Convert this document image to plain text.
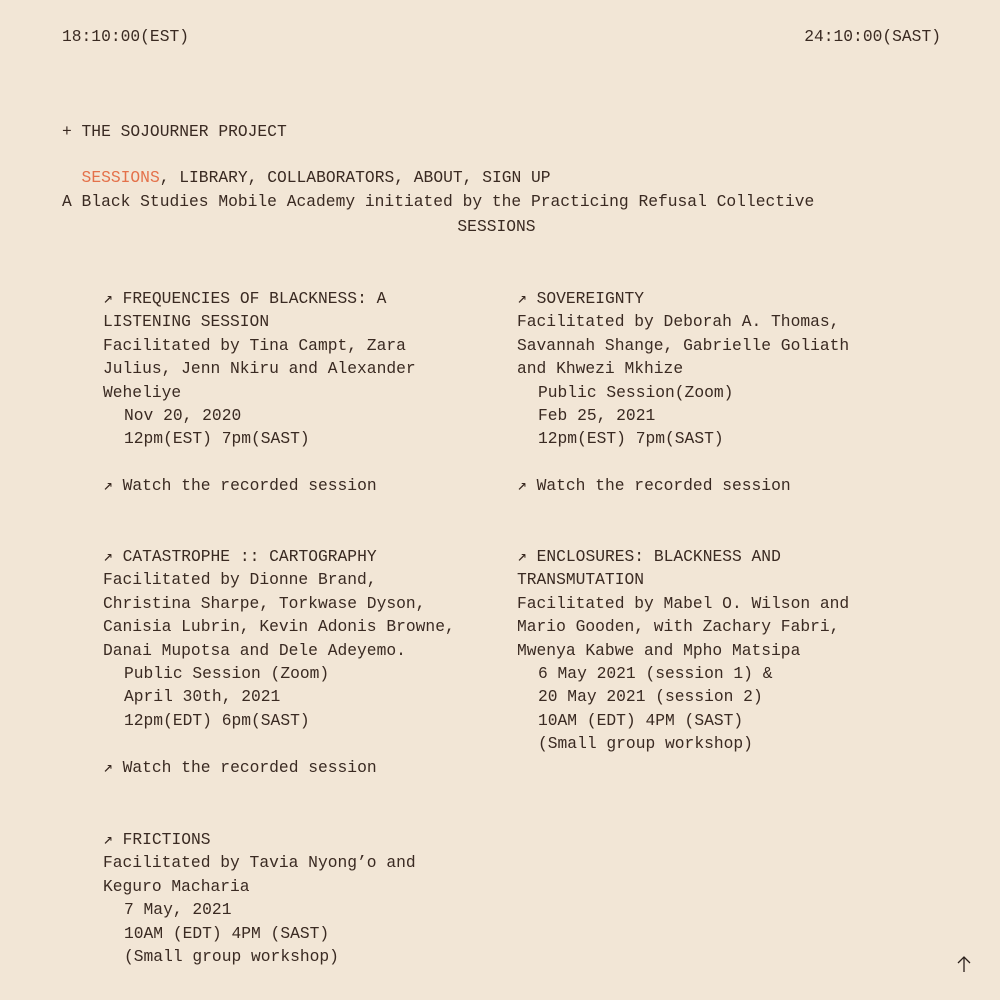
18:10:00(EST)	24:10:00(SAST)

+ THE SOJOURNER PROJECT

A Black Studies Mobile Academy initiated by the Practicing Refusal Collective

SESSIONS, LIBRARY, COLLABORATORS, ABOUT, SIGN UP

SESSIONS
↗ FREQUENCIES OF BLACKNESS: A
LISTENING SESSION
Facilitated by Tina Campt, Zara
Julius, Jenn Nkiru and Alexander
Weheliye
Nov 20, 2020
12pm(EST) 7pm(SAST)
↗ Watch the recorded session
↗ SOVEREIGNTY
Facilitated by Deborah A. Thomas,
Savannah Shange, Gabrielle Goliath
and Khwezi Mkhize
Public Session(Zoom)
Feb 25, 2021
12pm(EST) 7pm(SAST)
↗ Watch the recorded session
↗ CATASTROPHE :: CARTOGRAPHY
Facilitated by Dionne Brand,
Christina Sharpe, Torkwase Dyson,
Canisia Lubrin, Kevin Adonis Browne,
Danai Mupotsa and Dele Adeyemo.
Public Session (Zoom)
April 30th, 2021
12pm(EDT) 6pm(SAST)
↗ Watch the recorded session
↗ ENCLOSURES: BLACKNESS AND
TRANSMUTATION
Facilitated by Mabel O. Wilson and
Mario Gooden, with Zachary Fabri,
Mwenya Kabwe and Mpho Matsipa
6 May 2021 (session 1) &
20 May 2021 (session 2)
10AM (EDT) 4PM (SAST)
(Small group workshop)
↗ FRICTIONS
Facilitated by Tavia Nyong’o and
Keguro Macharia
7 May, 2021
10AM (EDT) 4PM (SAST)
(Small group workshop)
